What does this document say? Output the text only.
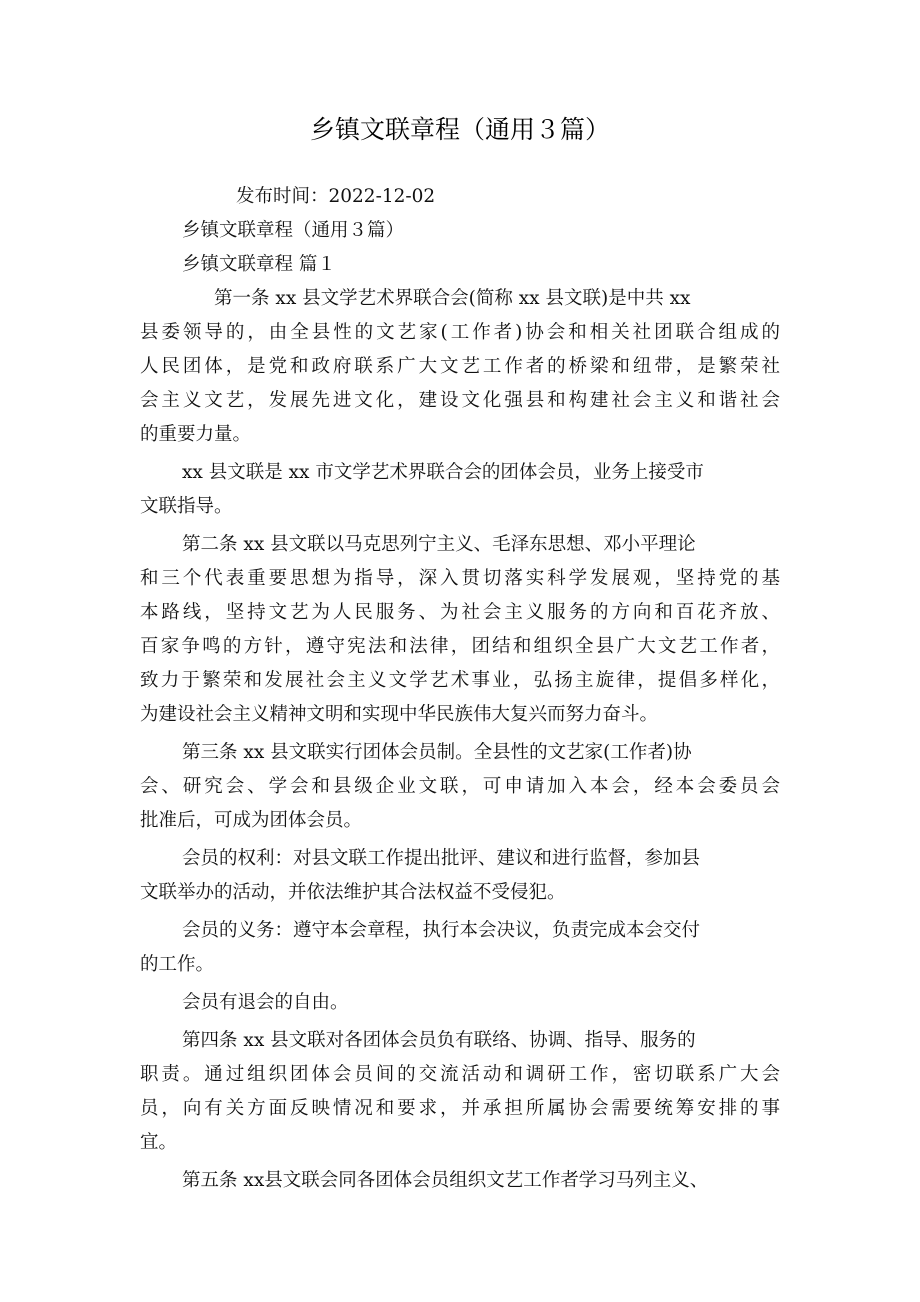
乡镇文联章程（通用３篇）
发布时间：2022-12-02
乡镇文联章程（通用３篇）
乡镇文联章程 篇１
第一条 xx 县文学艺术界联合会(简称 xx 县文联)是中共 xx
县委领导的，由全县性的文艺家(工作者)协会和相关社团联合组成的
人民团体，是党和政府联系广大文艺工作者的桥梁和纽带，是繁荣社
会主义文艺，发展先进文化，建设文化强县和构建社会主义和谐社会
的重要力量。
xx 县文联是 xx 市文学艺术界联合会的团体会员，业务上接受市
文联指导。
第二条 xx 县文联以马克思列宁主义、毛泽东思想、邓小平理论
和三个代表重要思想为指导，深入贯切落实科学发展观，坚持党的基
本路线，坚持文艺为人民服务、为社会主义服务的方向和百花齐放、
百家争鸣的方针，遵守宪法和法律，团结和组织全县广大文艺工作者，
致力于繁荣和发展社会主义文学艺术事业，弘扬主旋律，提倡多样化，
为建设社会主义精神文明和实现中华民族伟大复兴而努力奋斗。
第三条 xx 县文联实行团体会员制。全县性的文艺家(工作者)协
会、研究会、学会和县级企业文联，可申请加入本会，经本会委员会
批准后，可成为团体会员。
会员的权利：对县文联工作提出批评、建议和进行监督，参加县
文联举办的活动，并依法维护其合法权益不受侵犯。
会员的义务：遵守本会章程，执行本会决议，负责完成本会交付
的工作。
会员有退会的自由。
第四条 xx 县文联对各团体会员负有联络、协调、指导、服务的
职责。通过组织团体会员间的交流活动和调研工作，密切联系广大会
员，向有关方面反映情况和要求，并承担所属协会需要统筹安排的事
宜。
第五条 xx县文联会同各团体会员组织文艺工作者学习马列主义、
